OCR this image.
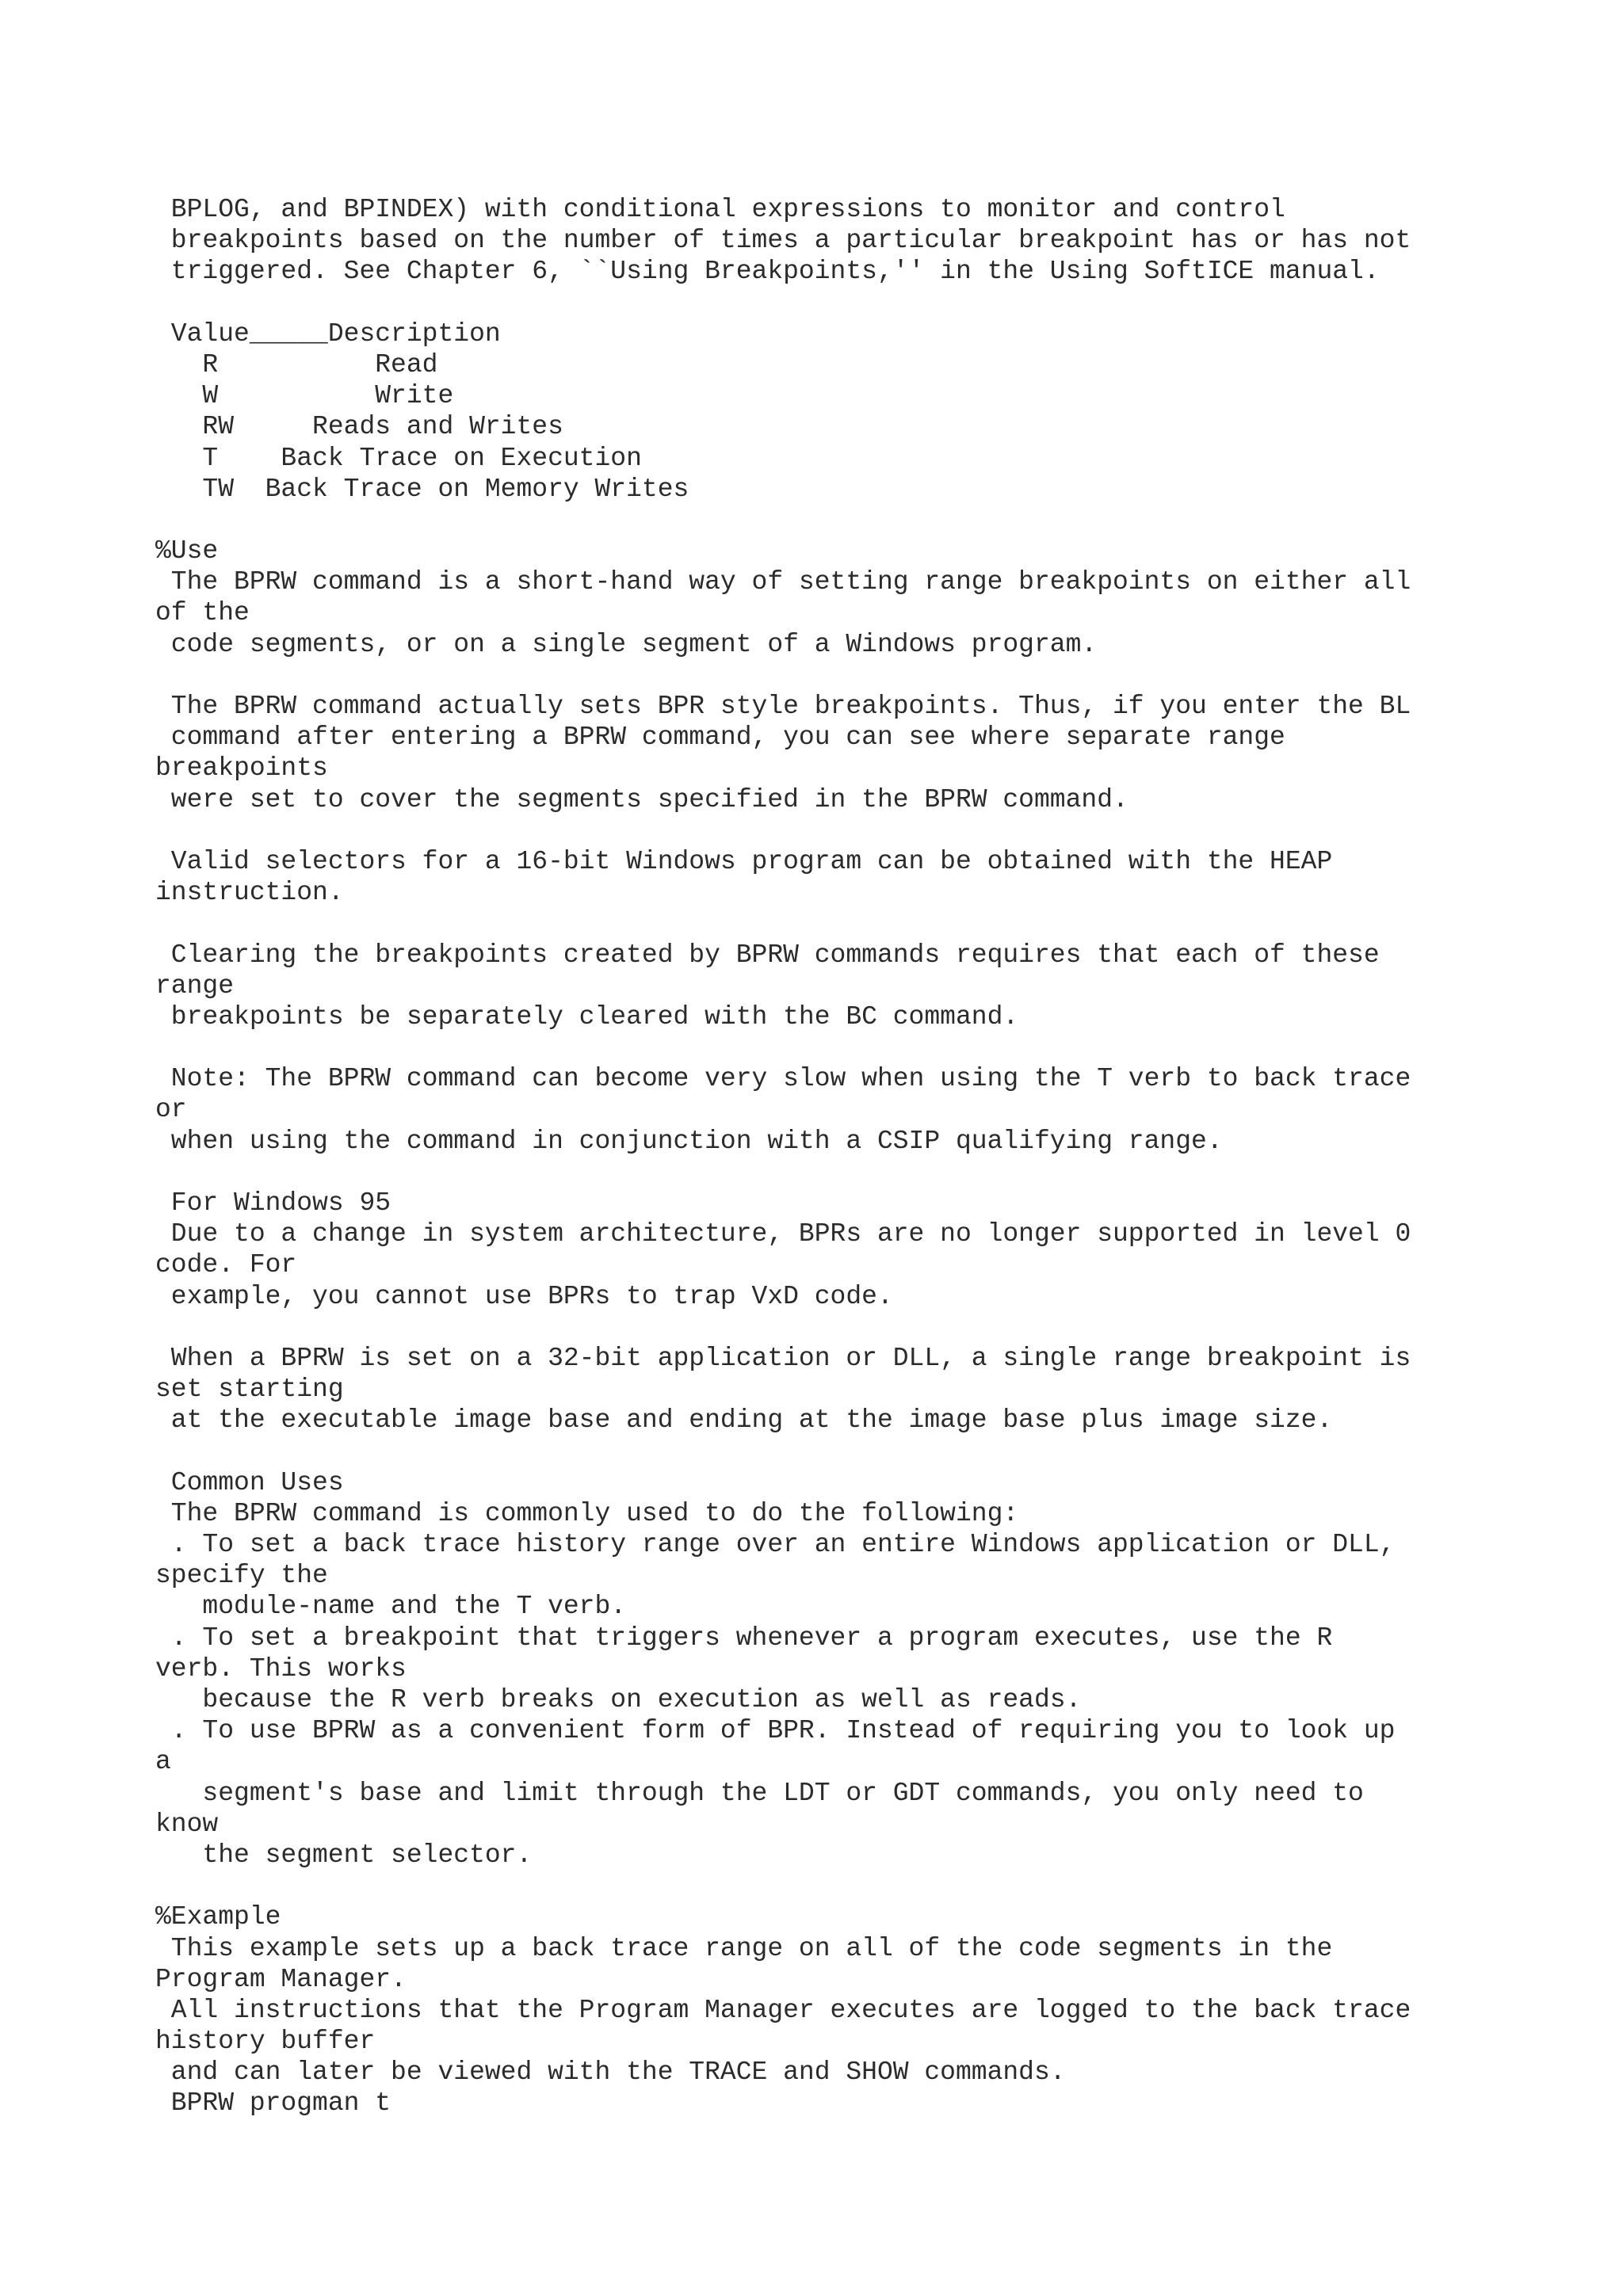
BPLOG, and BPINDEX) with conditional expressions to monitor and control
breakpoints based on the number of times a particular breakpoint has or has not
triggered. See Chapter 6, ``Using Breakpoints,'' in the Using SoftICE manual.

Value_____Description
R          Read
W          Write
RW     Reads and Writes
T    Back Trace on Execution
TW  Back Trace on Memory Writes

%Use
The BPRW command is a short-hand way of setting range breakpoints on either all
of the
code segments, or on a single segment of a Windows program.

The BPRW command actually sets BPR style breakpoints. Thus, if you enter the BL
command after entering a BPRW command, you can see where separate range
breakpoints
were set to cover the segments specified in the BPRW command.

Valid selectors for a 16-bit Windows program can be obtained with the HEAP
instruction.

Clearing the breakpoints created by BPRW commands requires that each of these
range
breakpoints be separately cleared with the BC command.

Note: The BPRW command can become very slow when using the T verb to back trace
or
when using the command in conjunction with a CSIP qualifying range.

For Windows 95
Due to a change in system architecture, BPRs are no longer supported in level 0
code. For
example, you cannot use BPRs to trap VxD code.

When a BPRW is set on a 32-bit application or DLL, a single range breakpoint is
set starting
at the executable image base and ending at the image base plus image size.

Common Uses
The BPRW command is commonly used to do the following:
. To set a back trace history range over an entire Windows application or DLL,
specify the
module-name and the T verb.
. To set a breakpoint that triggers whenever a program executes, use the R
verb. This works
because the R verb breaks on execution as well as reads.
. To use BPRW as a convenient form of BPR. Instead of requiring you to look up
a
segment's base and limit through the LDT or GDT commands, you only need to
know
the segment selector.

%Example
This example sets up a back trace range on all of the code segments in the
Program Manager.
All instructions that the Program Manager executes are logged to the back trace
history buffer
and can later be viewed with the TRACE and SHOW commands.
BPRW progman t
